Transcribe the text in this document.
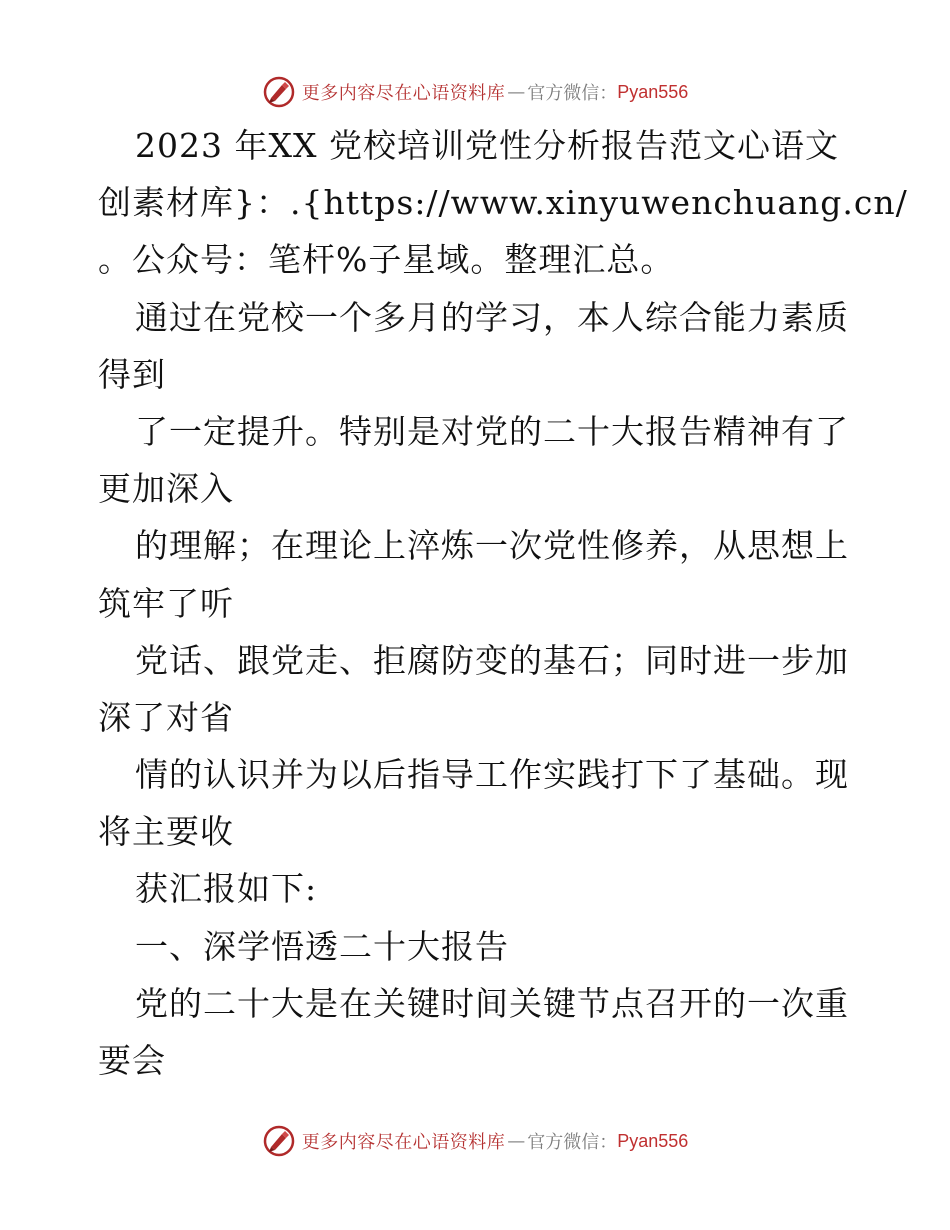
更多内容尽在心语资料库 — 官方微信： Pyan556
2023 年XX 党校培训党性分析报告范文心语文
创素材库}：.{https://www.xinyuwenchuang.cn/
。公众号：笔杆%子星域。整理汇总。
通过在党校一个多月的学习，本人综合能力素质
得到
了一定提升。特别是对党的二十大报告精神有了
更加深入
的理解；在理论上淬炼一次党性修养，从思想上
筑牢了听
党话、跟党走、拒腐防变的基石；同时进一步加
深了对省
情的认识并为以后指导工作实践打下了基础。现
将主要收
获汇报如下:
一、深学悟透二十大报告
党的二十大是在关键时间关键节点召开的一次重
要会
更多内容尽在心语资料库 — 官方微信： Pyan556
